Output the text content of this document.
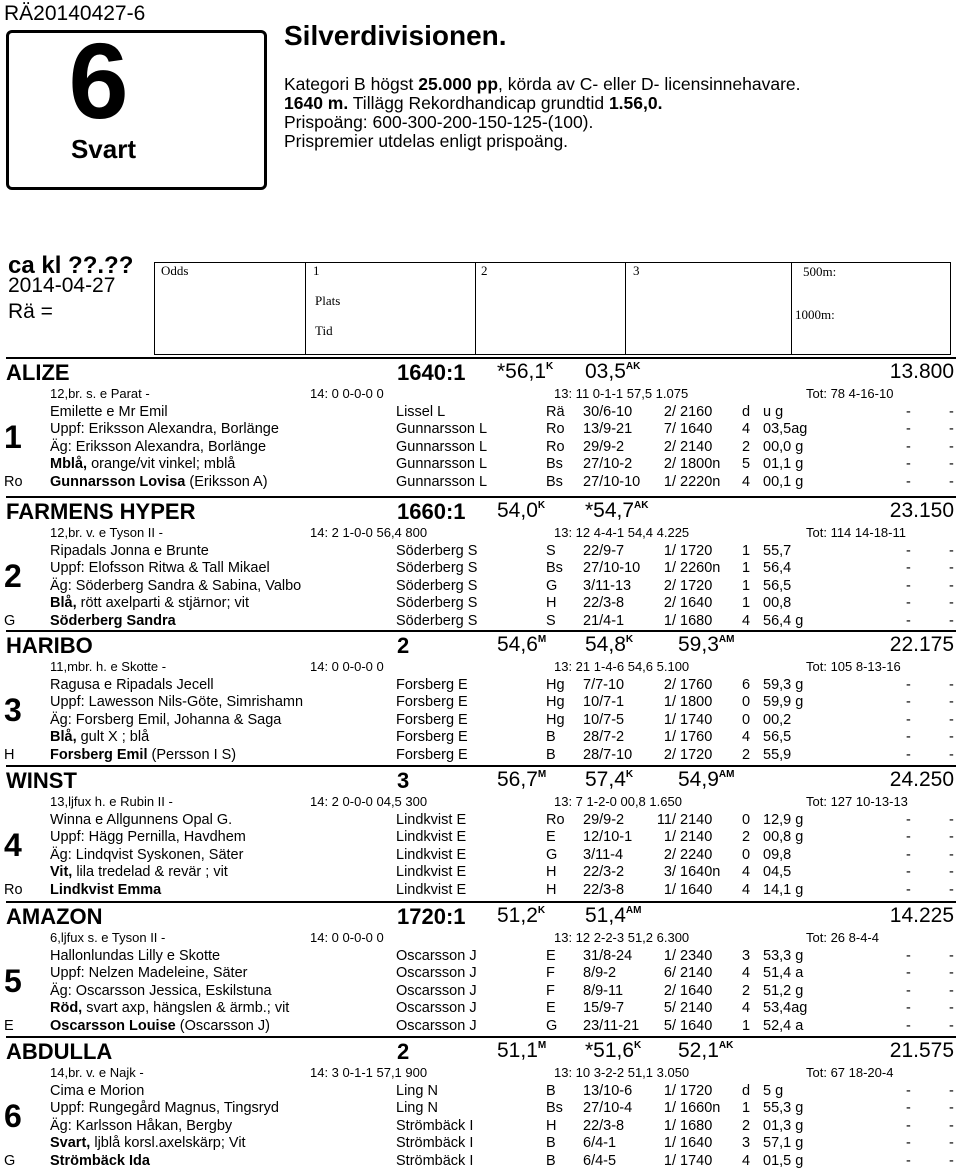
RÄ20140427-6
6
Svart
Silverdivisionen.
Kategori B högst 25.000 pp, körda av C- eller D- licensinnehavare.
1640 m. Tillägg Rekordhandicap grundtid 1.56,0.
Prispoäng: 600-300-200-150-125-(100).
Prispremier utdelas enligt prispoäng.
ca kl ??.??
2014-04-27
Rä =
Odds	1	2	3
Plats
Tid
500m:
1000m:
ALIZE	1640:1 $*56,1^K$ $03,5^{AK}$	13.800
12,br. s. e Parat -	14: 0 0-0-0 0	13: 11 0-1-1 57,5 1.075	Tot: 78 4-16-10
Emilette e Mr Emil
Uppf: Eriksson Alexandra, Borlänge
Äg: Eriksson Alexandra, Borlänge
Mblå, orange/vit vinkel; mblå
Gunnarsson Lovisa (Eriksson A)
1
Ro
Lissel L	Rä 30/6-10 2/ 2160 d u g	-	-
Gunnarsson L	Ro 13/9-21 7/ 1640 4 03,5ag	-	-
Gunnarsson L	Ro 29/9-2	2/ 2140 2 00,0 g	-	-
Gunnarsson L	Bs 27/10-2 2/ 1800n 5 01,1 g	-	-
Gunnarsson L	Bs 27/10-10 1/ 2220n 4 00,1 g	-	-
FARMENS HYPER	1660:1 $54,0^K$ $*54,7^{AK}$	23.150
12,br. v. e Tyson II -	14: 2 1-0-0 56,4 800	13: 12 4-4-1 54,4 4.225	Tot: 114 14-18-11
Ripadals Jonna e Brunte
Uppf: Elofsson Ritwa & Tall Mikael
Äg: Söderberg Sandra & Sabina, Valbo
Blå, rött axelparti & stjärnor; vit
Söderberg Sandra
2
G
Söderberg S	S 22/9-7	1/ 1720 1 55,7	-	-
Söderberg S	Bs 27/10-10 1/ 2260n 1 56,4	-	-
Söderberg S	G 3/11-13 2/ 1720 1 56,5	-	-
Söderberg S	H 22/3-8	2/ 1640 1 00,8	-	-
Söderberg S	S 21/4-1	1/ 1680 4 56,4 g	-	-
HARIBO	2	$54,6^M$ $54,8^K$ $59,3^{AM}$	22.175
11,mbr. h. e Skotte -	14: 0 0-0-0 0	13: 21 1-4-6 54,6 5.100	Tot: 105 8-13-16
Ragusa e Ripadals Jecell
Uppf: Lawesson Nils-Göte, Simrishamn
Äg: Forsberg Emil, Johanna & Saga
Blå, gult X ; blå
Forsberg Emil (Persson I S)
3
H
Forsberg E	Hg 7/7-10	2/ 1760 6 59,3 g	-	-
Forsberg E	Hg 10/7-1	1/ 1800 0 59,9 g	-	-
Forsberg E	Hg 10/7-5	1/ 1740 0 00,2	-	-
Forsberg E	B 28/7-2	1/ 1760 4 56,5	-	-
Forsberg E	B 28/7-10 2/ 1720 2 55,9	-	-
WINST	3	$56,7^M$ $57,4^K$ $54,9^{AM}$	24.250
13,ljfux h. e Rubin II -	14: 2 0-0-0 04,5 300	13: 7 1-2-0 00,8 1.650	Tot: 127 10-13-13
Winna e Allgunnens Opal G.
Uppf: Hägg Pernilla, Havdhem
Äg: Lindqvist Syskonen, Säter
Vit, lila tredelad & revär ; vit
Lindkvist Emma
4
Ro
Lindkvist E	Ro 29/9-2 11/ 2140 0 12,9 g	-	-
Lindkvist E	E 12/10-1 1/ 2140 2 00,8 g	-	-
Lindkvist E	G 3/11-4	2/ 2240 0 09,8	-	-
Lindkvist E	H 22/3-2	3/ 1640n 4 04,5	-	-
Lindkvist E	H 22/3-8	1/ 1640 4 14,1 g	-	-
AMAZON	1720:1 $51,2^K$ $51,4^{AM}$	14.225
6,ljfux s. e Tyson II -	14: 0 0-0-0 0	13: 12 2-2-3 51,2 6.300	Tot: 26 8-4-4
Hallonlundas Lilly e Skotte
Uppf: Nelzen Madeleine, Säter
Äg: Oscarsson Jessica, Eskilstuna
Röd, svart axp, hängslen & ärmb.; vit
Oscarsson Louise (Oscarsson J)
5
E
Oscarsson J	E 31/8-24 1/ 2340 3 53,3 g	-	-
Oscarsson J	F 8/9-2	6/ 2140 4 51,4 a	-	-
Oscarsson J	F 8/9-11	2/ 1640 2 51,2 g	-	-
Oscarsson J	E 15/9-7	5/ 2140 4 53,4ag	-	-
Oscarsson J	G 23/11-21 5/ 1640 1 52,4 a	-	-
ABDULLA	2	$51,1^M$ $*51,6^K$ $52,1^{AK}$	21.575
14,br. v. e Najk -	14: 3 0-1-1 57,1 900	13: 10 3-2-2 51,1 3.050	Tot: 67 18-20-4
Cima e Morion
Uppf: Rungegård Magnus, Tingsryd
Äg: Karlsson Håkan, Bergby
Svart, ljblå korsl.axelskärp; Vit
Strömbäck Ida
6
G
Ling N	B 13/10-6 1/ 1720 d 5 g	-	-
Ling N	Bs 27/10-4 1/ 1660n 1 55,3 g	-	-
Strömbäck I	H 22/3-8	1/ 1680 2 01,3 g	-	-
Strömbäck I	B 6/4-1	1/ 1640 3 57,1 g	-	-
Strömbäck I	B 6/4-5	1/ 1740 4 01,5 g	-	-
